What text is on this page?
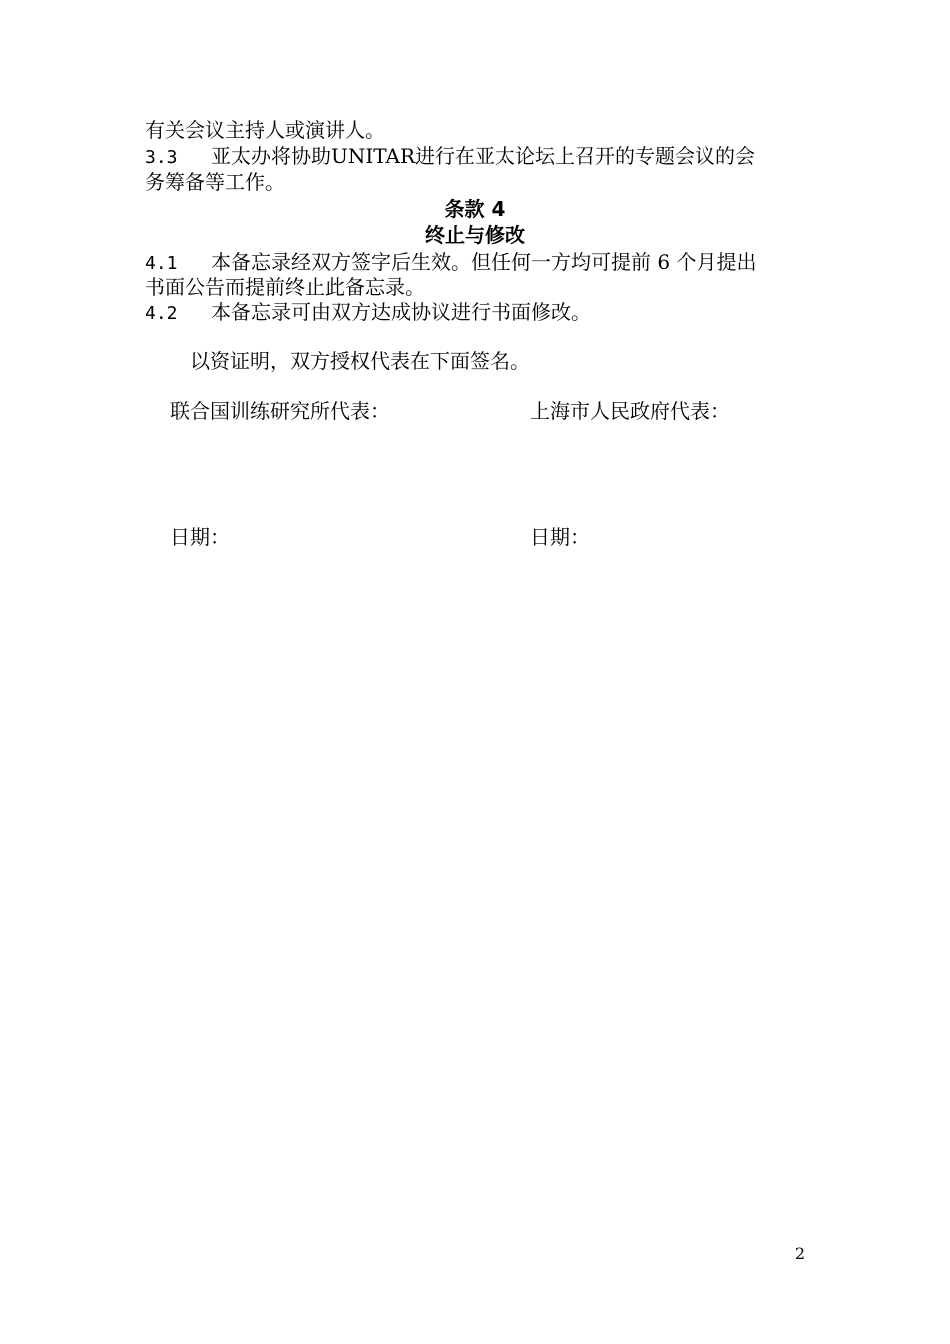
有关会议主持人或演讲人。
3.3 亚太办将协助UNITAR进行在亚太论坛上召开的专题会议的会
务筹备等工作。
条款 4
终止与修改
4.1 本备忘录经双方签字后生效。但任何一方均可提前 6 个月提出
书面公告而提前终止此备忘录。
4.2 本备忘录可由双方达成协议进行书面修改。
以资证明，双方授权代表在下面签名。
联合国训练研究所代表：	上海市人民政府代表：
日期：	日期：
2
